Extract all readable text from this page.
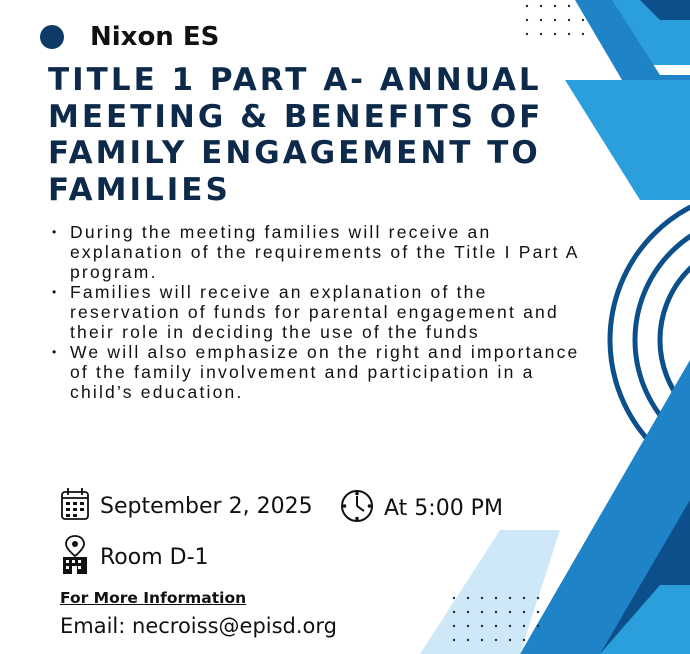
Nixon ES
TITLE 1 PART A- ANNUAL MEETING & BENEFITS OF FAMILY ENGAGEMENT TO FAMILIES
• During the meeting families will receive an explanation of the requirements of the Title I Part A program.
• Families will receive an explanation of the reservation of funds for parental engagement and their role in deciding the use of the funds
• We will also emphasize on the right and importance of the family involvement and participation in a child’s education.
September 2, 2025	At 5:00 PM
Room D-1
For More Information
Email: necroiss@episd.org
